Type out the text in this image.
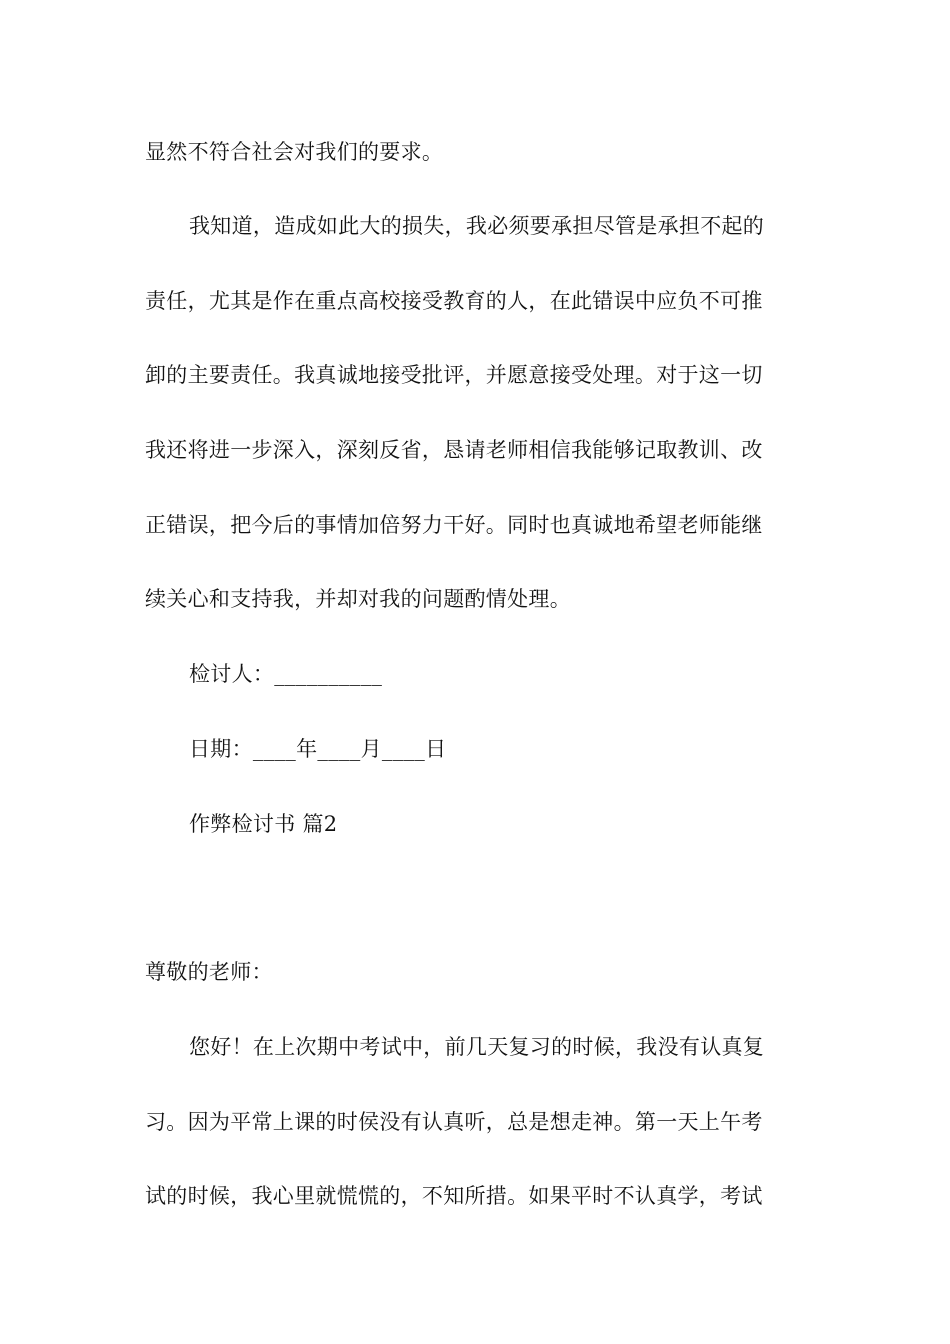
显然不符合社会对我们的要求。
我知道，造成如此大的损失，我必须要承担尽管是承担不起的
责任，尤其是作在重点高校接受教育的人，在此错误中应负不可推
卸的主要责任。我真诚地接受批评，并愿意接受处理。对于这一切
我还将进一步深入，深刻反省，恳请老师相信我能够记取教训、改
正错误，把今后的事情加倍努力干好。同时也真诚地希望老师能继
续关心和支持我，并却对我的问题酌情处理。
检讨人：__________
日期：____年____月____日
作弊检讨书 篇2
尊敬的老师：
您好！在上次期中考试中，前几天复习的时候，我没有认真复
习。因为平常上课的时侯没有认真听，总是想走神。第一天上午考
试的时候，我心里就慌慌的，不知所措。如果平时不认真学，考试
